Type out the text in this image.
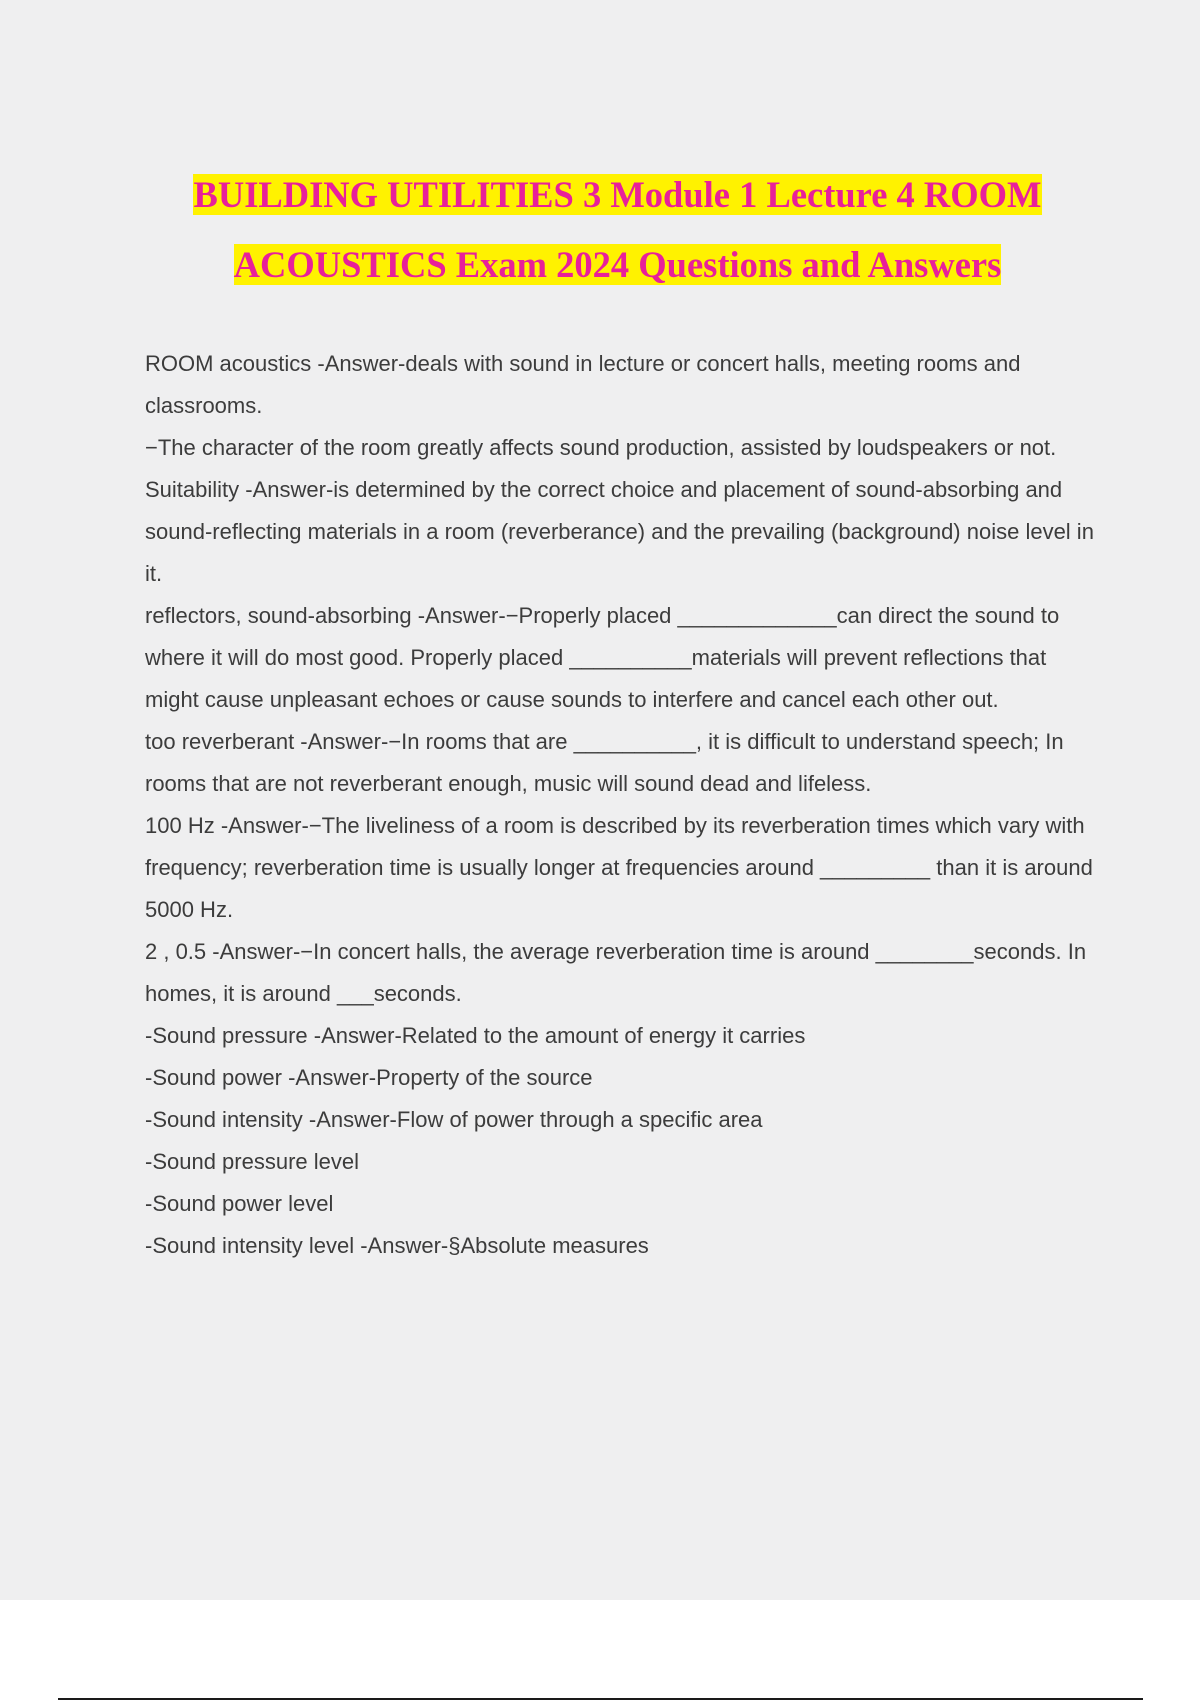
BUILDING UTILITIES 3 Module 1 Lecture 4 ROOM
ACOUSTICS Exam 2024 Questions and Answers

ROOM acoustics -Answer-deals with sound in lecture or concert halls, meeting rooms and classrooms.

−The character of the room greatly affects sound production, assisted by loudspeakers or not.

Suitability -Answer-is determined by the correct choice and placement of sound-absorbing and sound-reflecting materials in a room (reverberance) and the prevailing (background) noise level in it.

reflectors, sound-absorbing -Answer-−Properly placed _____________can direct the sound to where it will do most good. Properly placed __________materials will prevent reflections that might cause unpleasant echoes or cause sounds to interfere and cancel each other out.

too reverberant -Answer-−In rooms that are __________, it is difficult to understand speech; In rooms that are not reverberant enough, music will sound dead and lifeless.

100 Hz -Answer-−The liveliness of a room is described by its reverberation times which vary with frequency; reverberation time is usually longer at frequencies around _________ than it is around 5000 Hz.

2 , 0.5 -Answer-−In concert halls, the average reverberation time is around ________seconds. In homes, it is around ___seconds.

-Sound pressure -Answer-Related to the amount of energy it carries

-Sound power -Answer-Property of the source

-Sound intensity -Answer-Flow of power through a specific area

-Sound pressure level

-Sound power level

-Sound intensity level -Answer-§Absolute measures
